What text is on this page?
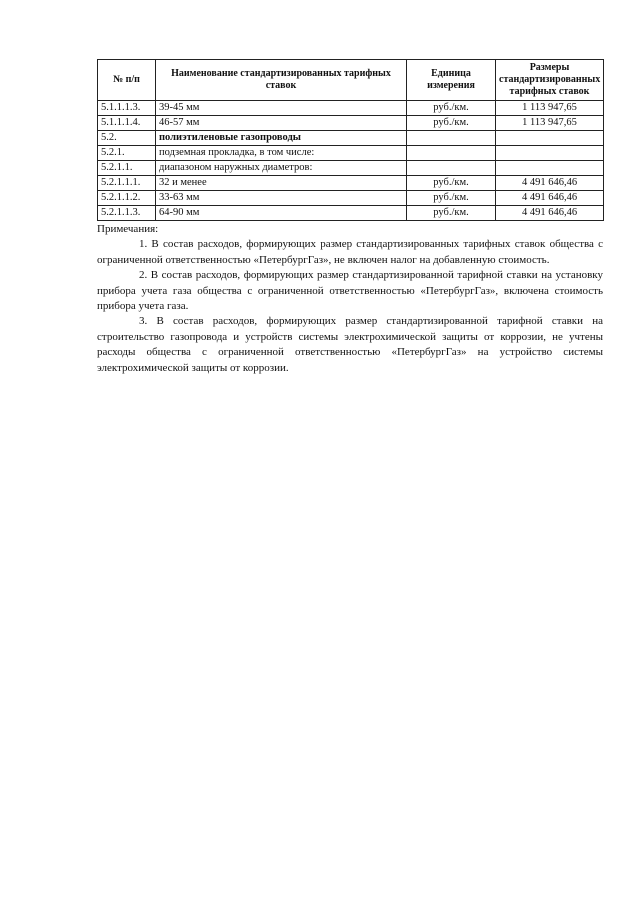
№ п/п	Наименование стандартизированных тарифных ставок	Единица измерения	Размеры стандартизированных тарифных ставок
5.1.1.1.3.	39-45 мм	руб./км.	1 113 947,65
5.1.1.1.4.	46-57 мм	руб./км.	1 113 947,65
5.2.	полиэтиленовые газопроводы		
5.2.1.	подземная прокладка, в том числе:		
5.2.1.1.	диапазоном наружных диаметров:		
5.2.1.1.1.	32 и менее	руб./км.	4 491 646,46
5.2.1.1.2.	33-63 мм	руб./км.	4 491 646,46
5.2.1.1.3.	64-90 мм	руб./км.	4 491 646,46
Примечания:

1. В состав расходов, формирующих размер стандартизированных тарифных ставок общества с ограниченной ответственностью «ПетербургГаз», не включен налог на добавленную стоимость.

2. В состав расходов, формирующих размер стандартизированной тарифной ставки на установку прибора учета газа общества с ограниченной ответственностью «ПетербургГаз», включена стоимость прибора учета газа.

3. В состав расходов, формирующих размер стандартизированной тарифной ставки на строительство газопровода и устройств системы электрохимической защиты от коррозии, не учтены расходы общества с ограниченной ответственностью «ПетербургГаз» на устройство системы электрохимической защиты от коррозии.
